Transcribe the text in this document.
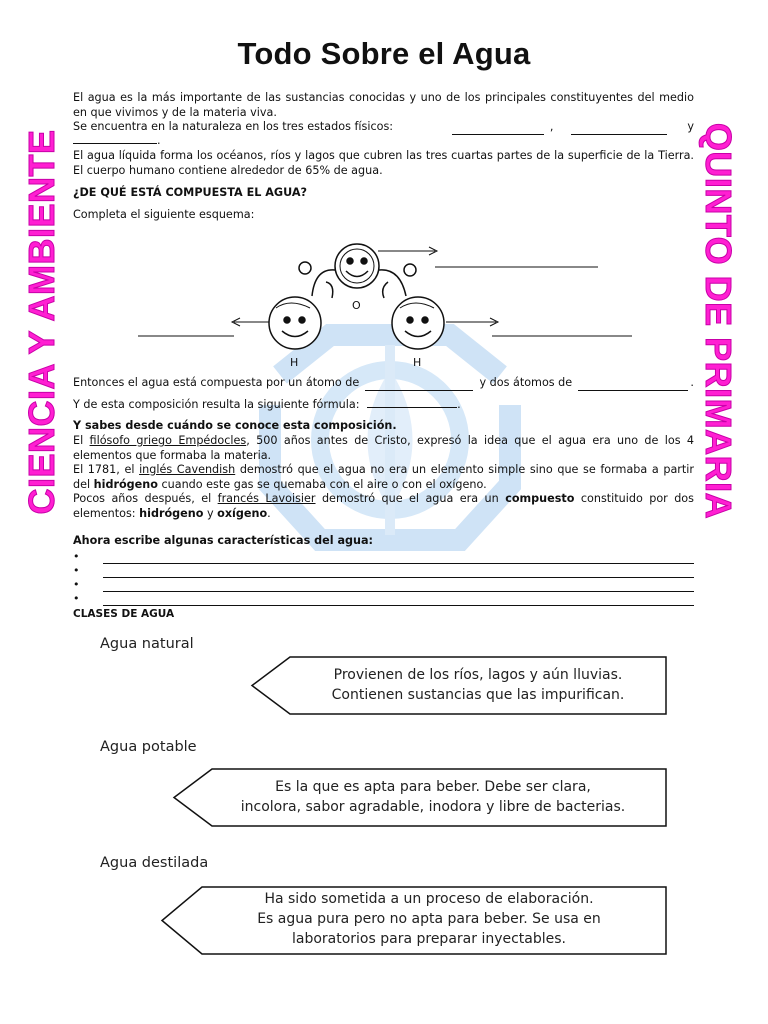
Todo Sobre el Agua
CIENCIA Y AMBIENTE	QUINTO DE PRIMARIA
El agua es la más importante de las sustancias conocidas y uno de los principales constituyentes del medio en que vivimos y de la materia viva.
Se encuentra en la naturaleza en los tres estados físicos:	,	y
.
El agua líquida forma los océanos, ríos y lagos que cubren las tres cuartas partes de la superficie de la Tierra. El cuerpo humano contiene alrededor de 65% de agua.
¿DE QUÉ ESTÁ COMPUESTA EL AGUA?
Completa el siguiente esquema:
O
H	H
Entonces el agua está compuesta por un átomo de	y dos átomos de	.
Y de esta composición resulta la siguiente fórmula:	.
Y sabes desde cuándo se conoce esta composición.
El filósofo griego Empédocles, 500 años antes de Cristo, expresó la idea que el agua era uno de los 4 elementos que formaba la materia.
El 1781, el inglés Cavendish demostró que el agua no era un elemento simple sino que se formaba a partir del hidrógeno cuando este gas se quemaba con el aire o con el oxígeno.
Pocos años después, el francés Lavoisier demostró que el agua era un compuesto constituido por dos elementos: hidrógeno y oxígeno.
Ahora escribe algunas características del agua:
•
•
•
•
CLASES DE AGUA
Agua natural
Provienen de los ríos, lagos y aún lluvias.
Contienen sustancias que las impurifican.
Agua potable
Es la que es apta para beber. Debe ser clara,
incolora, sabor agradable, inodora y libre de bacterias.
Agua destilada
Ha sido sometida a un proceso de elaboración.
Es agua pura pero no apta para beber. Se usa en
laboratorios para preparar inyectables.
